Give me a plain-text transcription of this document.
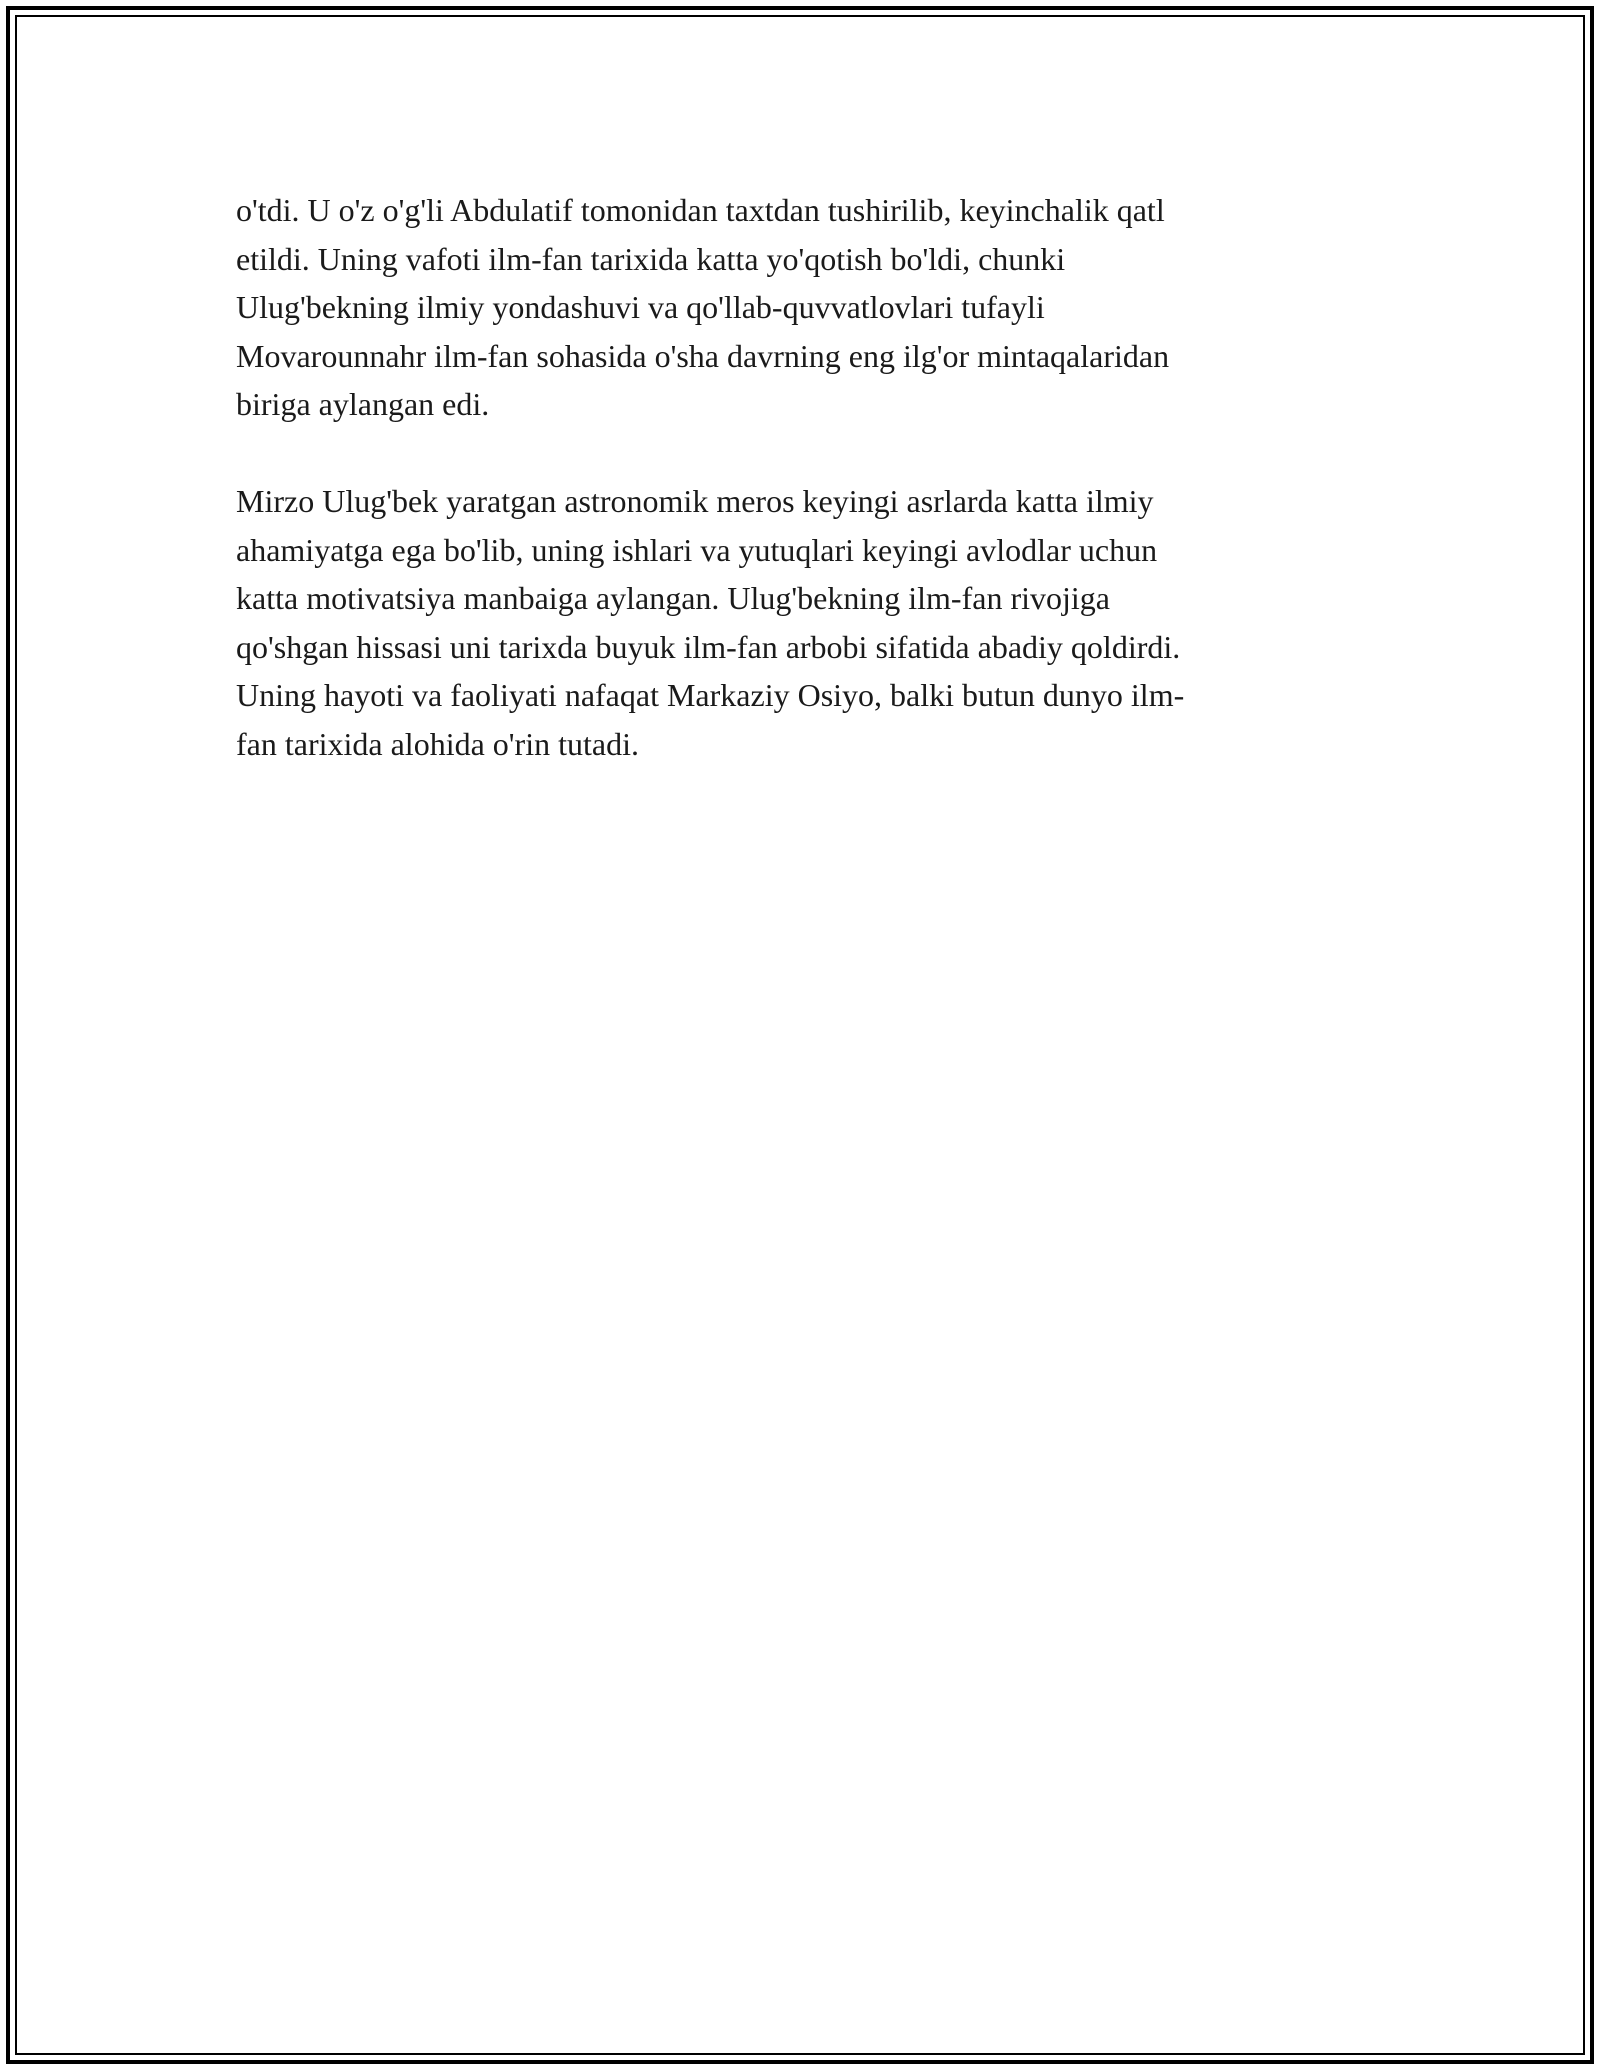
o'tdi. U o'z o'g'li Abdulatif tomonidan taxtdan tushirilib, keyinchalik qatl
etildi. Uning vafoti ilm-fan tarixida katta yo'qotish bo'ldi, chunki
Ulug'bekning ilmiy yondashuvi va qo'llab-quvvatlovlari tufayli
Movarounnahr ilm-fan sohasida o'sha davrning eng ilg'or mintaqalaridan
biriga aylangan edi.
Mirzo Ulug'bek yaratgan astronomik meros keyingi asrlarda katta ilmiy
ahamiyatga ega bo'lib, uning ishlari va yutuqlari keyingi avlodlar uchun
katta motivatsiya manbaiga aylangan. Ulug'bekning ilm-fan rivojiga
qo'shgan hissasi uni tarixda buyuk ilm-fan arbobi sifatida abadiy qoldirdi.
Uning hayoti va faoliyati nafaqat Markaziy Osiyo, balki butun dunyo ilm-
fan tarixida alohida o'rin tutadi.
